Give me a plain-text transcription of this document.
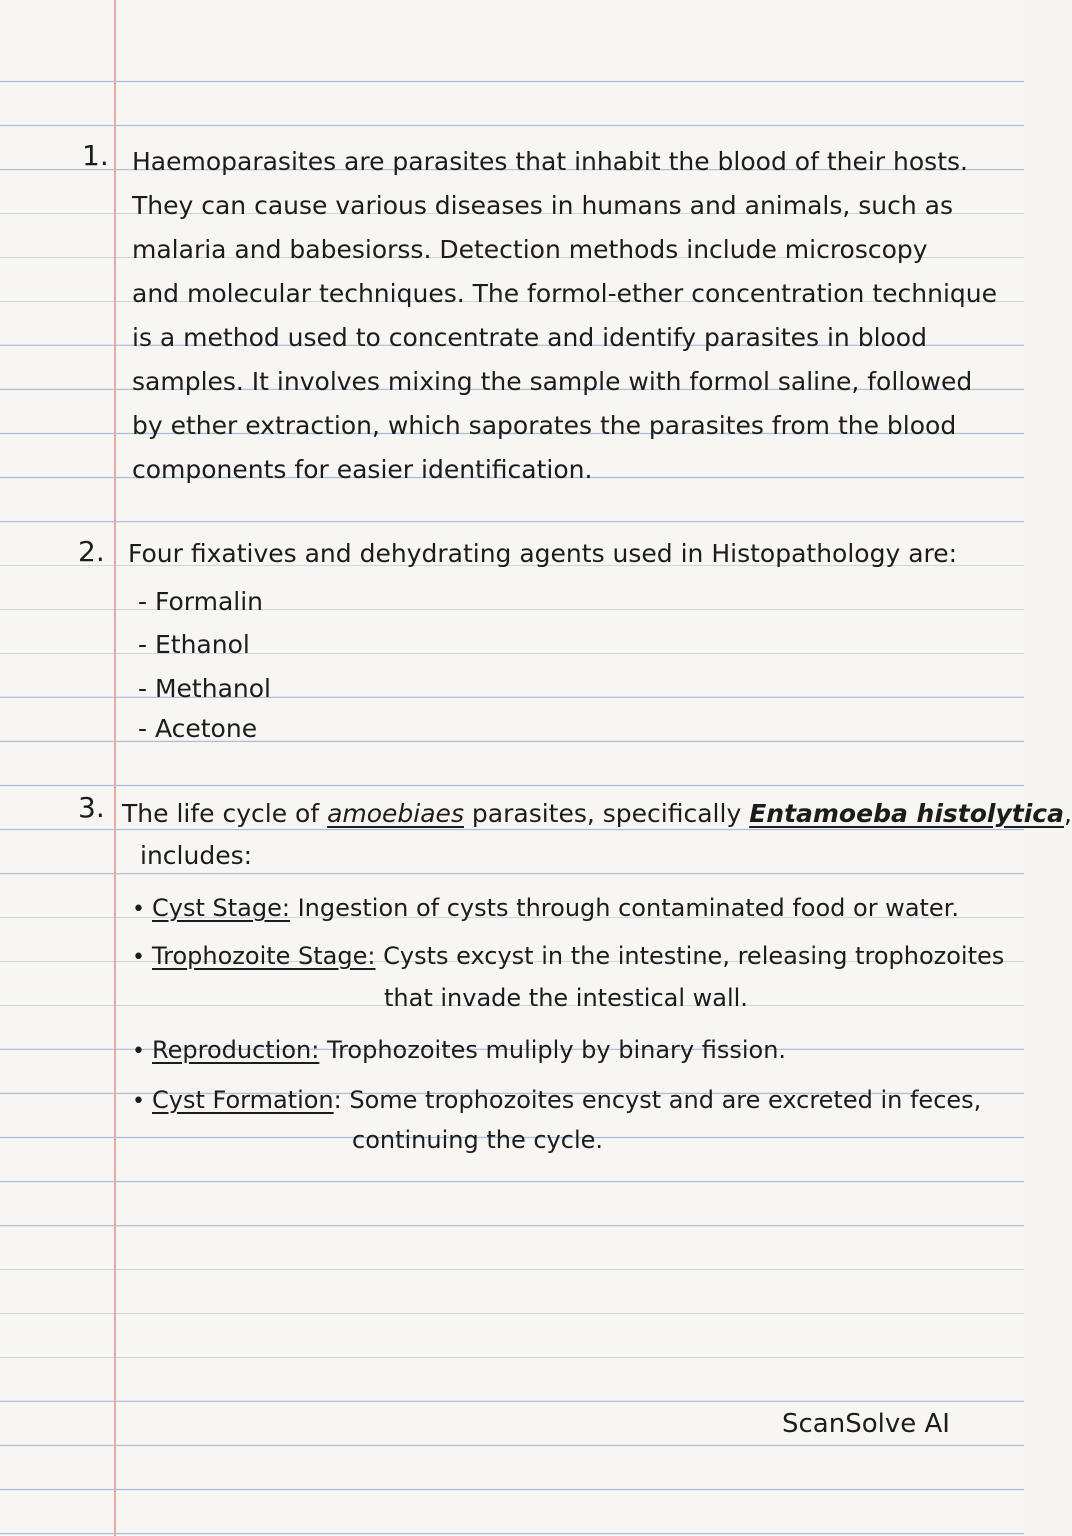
1. Haemoparasites are parasites that inhabit the blood of their hosts.
They can cause various diseases in humans and animals, such as
malaria and babesiorss. Detection methods include microscopy
and molecular techniques. The formol-ether concentration technique
is a method used to concentrate and identify parasites in blood
samples. It involves mixing the sample with formol saline, followed
by ether extraction, which saporates the parasites from the blood
components for easier identification.
2. Four fixatives and dehydrating agents used in Histopathology are:
- Formalin
- Ethanol
- Methanol
- Acetone
3. The life cycle of amoebiaes parasites, specifically Entamoeba histolytica,
includes:
• Cyst Stage: Ingestion of cysts through contaminated food or water.
• Trophozoite Stage: Cysts excyst in the intestine, releasing trophozoites
that invade the intestical wall.
• Reproduction: Trophozoites muliply by binary fission.
• Cyst Formation: Some trophozoites encyst and are excreted in feces,
continuing the cycle.
ScanSolve AI
